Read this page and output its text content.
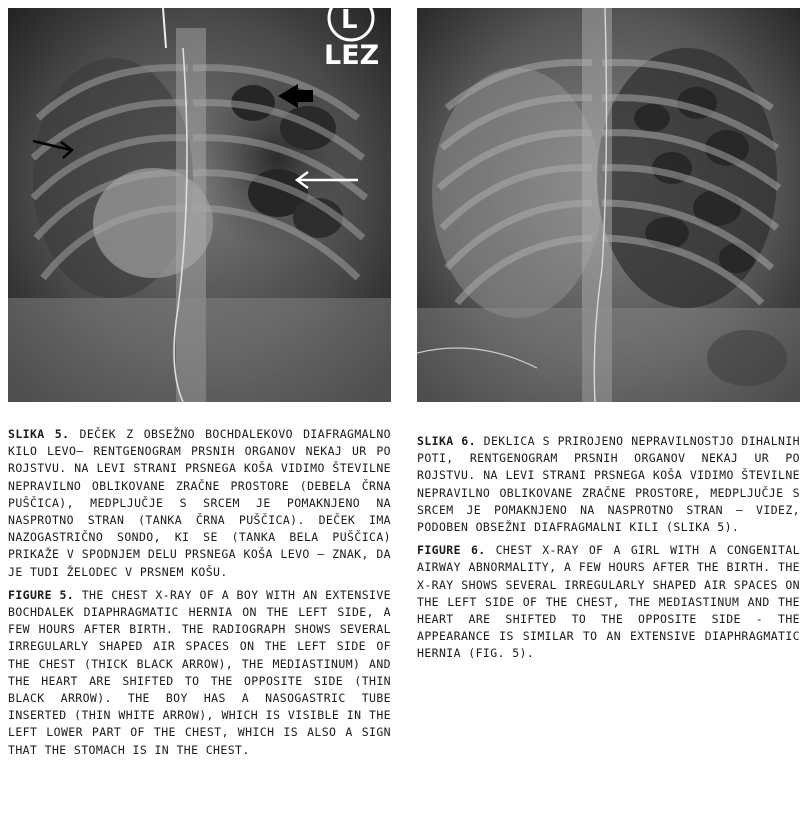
L
LEZ

SLIKA 5. DEČEK Z OBSEŽNO BOCHDALEKOVO DIAFRAGMALNO KILO LEVO– RENTGENOGRAM PRSNIH ORGANOV NEKAJ UR PO ROJSTVU. NA LEVI STRANI PRSNEGA KOŠA VIDIMO ŠTEVILNE NEPRAVILNO OBLIKOVANE ZRAČNE PROSTORE (DEBELA ČRNA PUŠČICA), MEDPLJUČJE S SRCEM JE POMAKNJENO NA NASPROTNO STRAN (TANKA ČRNA PUŠČICA). DEČEK IMA NAZOGASTRIČNO SONDO, KI SE (TANKA BELA PUŠČICA) PRIKAŽE V SPODNJEM DELU PRSNEGA KOŠA LEVO – ZNAK, DA JE TUDI ŽELODEC V PRSNEM KOŠU.

FIGURE 5. THE CHEST X-RAY OF A BOY WITH AN EXTENSIVE BOCHDALEK DIAPHRAGMATIC HERNIA ON THE LEFT SIDE, A FEW HOURS AFTER BIRTH. THE RADIOGRAPH SHOWS SEVERAL IRREGULARLY SHAPED AIR SPACES ON THE LEFT SIDE OF THE CHEST (THICK BLACK ARROW), THE MEDIASTINUM) AND THE HEART ARE SHIFTED TO THE OPPOSITE SIDE (THIN BLACK ARROW). THE BOY HAS A NASOGASTRIC TUBE INSERTED (THIN WHITE ARROW), WHICH IS VISIBLE IN THE LEFT LOWER PART OF THE CHEST, WHICH IS ALSO A SIGN THAT THE STOMACH IS IN THE CHEST.

SLIKA 6. DEKLICA S PRIROJENO NEPRAVILNOSTJO DIHALNIH POTI, RENTGENOGRAM PRSNIH ORGANOV NEKAJ UR PO ROJSTVU. NA LEVI STRANI PRSNEGA KOŠA VIDIMO ŠTEVILNE NEPRAVILNO OBLIKOVANE ZRAČNE PROSTORE, MEDPLJUČJE S SRCEM JE POMAKNJENO NA NASPROTNO STRAN – VIDEZ, PODOBEN OBSEŽNI DIAFRAGMALNI KILI (SLIKA 5).

FIGURE 6. CHEST X-RAY OF A GIRL WITH A CONGENITAL AIRWAY ABNORMALITY, A FEW HOURS AFTER THE BIRTH. THE X-RAY SHOWS SEVERAL IRREGULARLY SHAPED AIR SPACES ON THE LEFT SIDE OF THE CHEST, THE MEDIASTINUM AND THE HEART ARE SHIFTED TO THE OPPOSITE SIDE - THE APPEARANCE IS SIMILAR TO AN EXTENSIVE DIAPHRAGMATIC HERNIA (FIG. 5).
